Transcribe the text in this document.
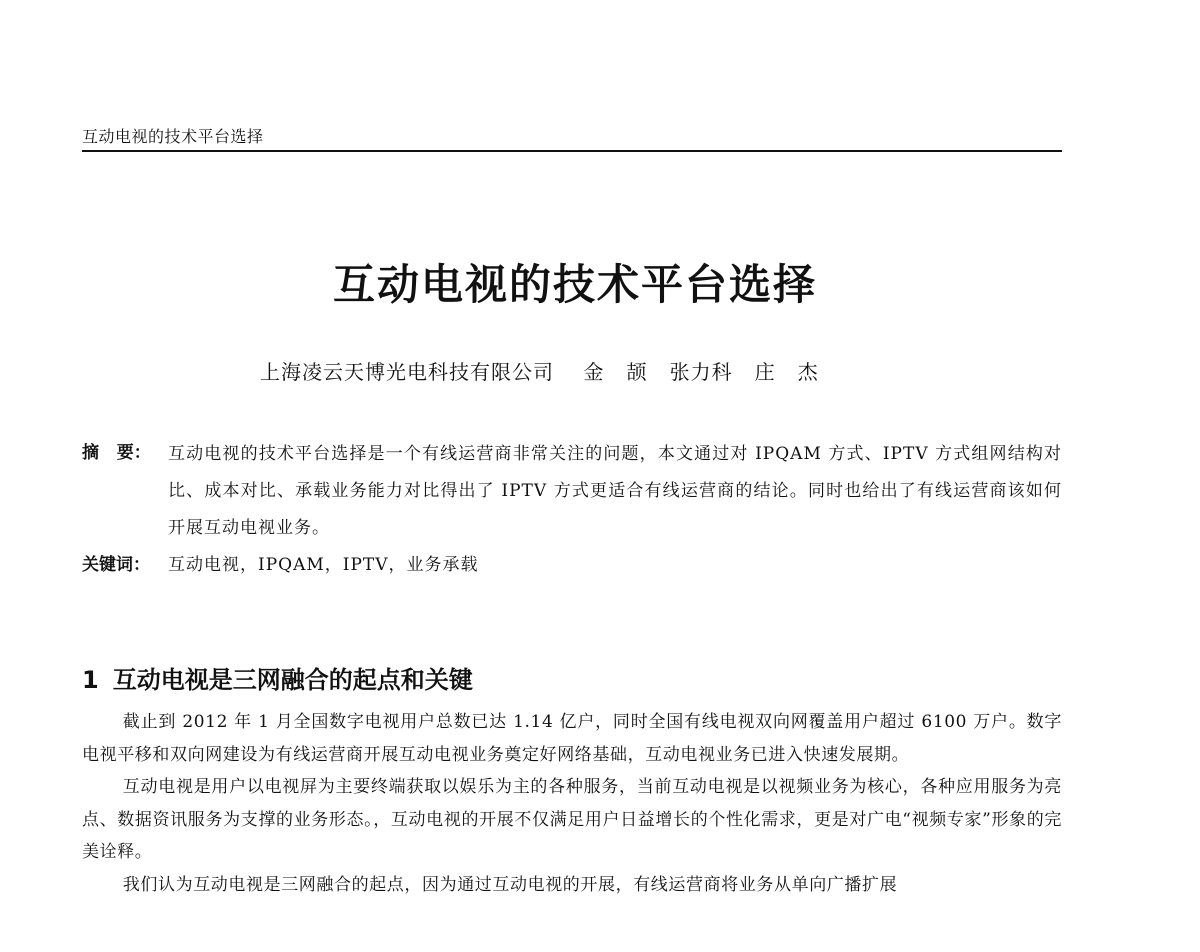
互动电视的技术平台选择
互动电视的技术平台选择
上海凌云天博光电科技有限公司    金   颉   张力科   庄   杰
摘   要： 互动电视的技术平台选择是一个有线运营商非常关注的问题，本文通过对 IPQAM 方式、IPTV 方式组网结构对比、成本对比、承载业务能力对比得出了 IPTV 方式更适合有线运营商的结论。同时也给出了有线运营商该如何开展互动电视业务。
关键词： 互动电视，IPQAM，IPTV，业务承载
1 互动电视是三网融合的起点和关键

截止到 2012 年 1 月全国数字电视用户总数已达 1.14 亿户，同时全国有线电视双向网覆盖用户超过 6100 万户。数字电视平移和双向网建设为有线运营商开展互动电视业务奠定好网络基础，互动电视业务已进入快速发展期。

互动电视是用户以电视屏为主要终端获取以娱乐为主的各种服务，当前互动电视是以视频业务为核心，各种应用服务为亮点、数据资讯服务为支撑的业务形态。，互动电视的开展不仅满足用户日益增长的个性化需求，更是对广电“视频专家”形象的完美诠释。

我们认为互动电视是三网融合的起点，因为通过互动电视的开展，有线运营商将业务从单向广播扩展
